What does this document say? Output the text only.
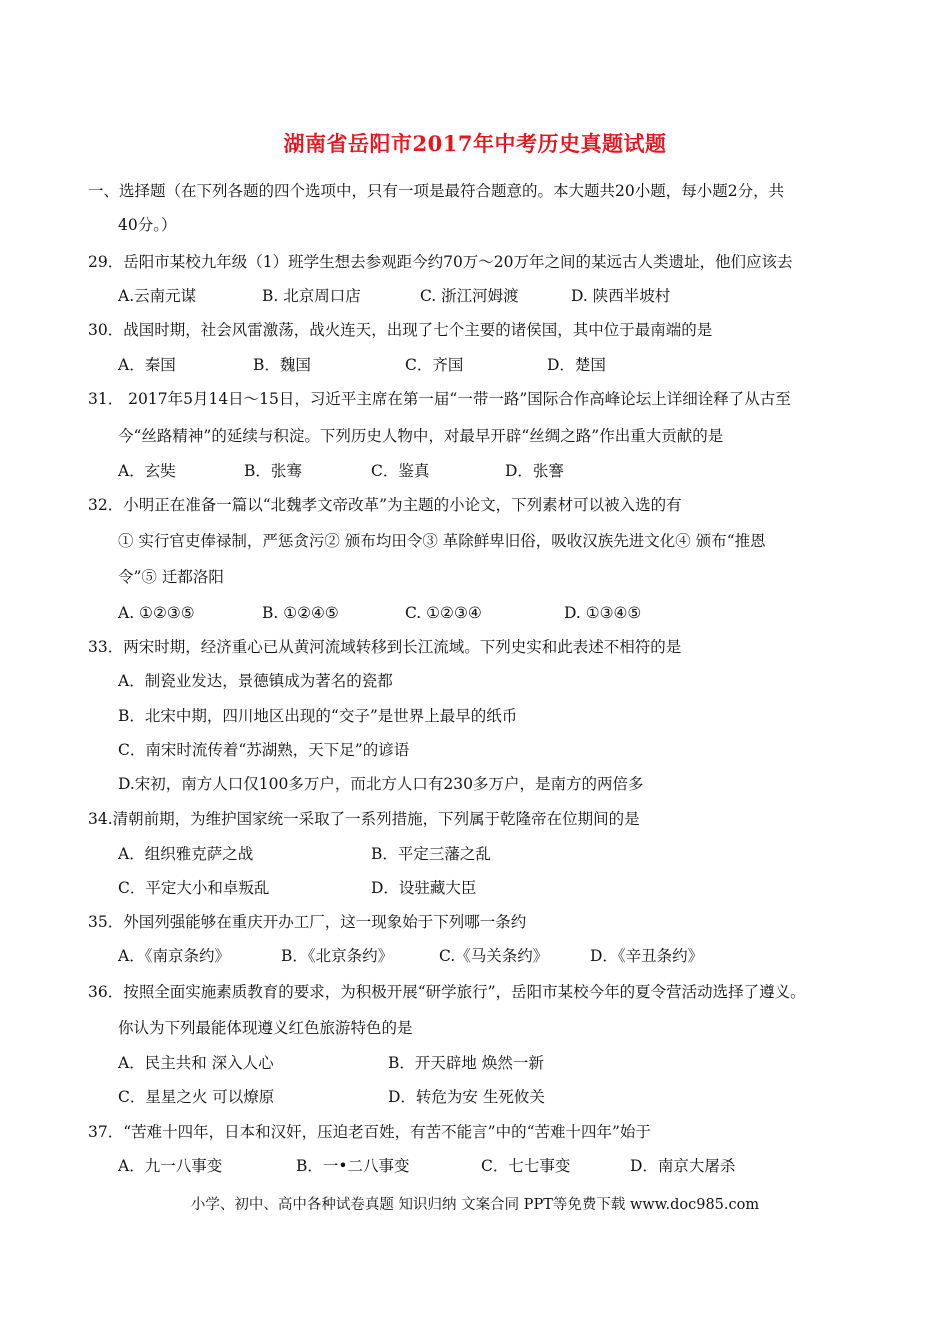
湖南省岳阳市2017年中考历史真题试题
一、选择题（在下列各题的四个选项中，只有一项是最符合题意的。本大题共20小题，每小题2分，共
40分。）
29．岳阳市某校九年级（1）班学生想去参观距今约70万～20万年之间的某远古人类遗址，他们应该去
A.云南元谋	B. 北京周口店	C. 浙江河姆渡	D. 陕西半坡村
30．战国时期，社会风雷激荡，战火连天，出现了七个主要的诸侯国，其中位于最南端的是
A．秦国	B．魏国	C．齐国	D．楚国
31． 2017年5月14日～15日，习近平主席在第一届“一带一路”国际合作高峰论坛上详细诠释了从古至
今“丝路精神”的延续与积淀。下列历史人物中，对最早开辟“丝绸之路”作出重大贡献的是
A．玄奘	B．张骞	C．鉴真	D．张謇
32．小明正在准备一篇以“北魏孝文帝改革”为主题的小论文，下列素材可以被入选的有
① 实行官吏俸禄制，严惩贪污② 颁布均田令③ 革除鲜卑旧俗，吸收汉族先进文化④ 颁布“推恩
令”⑤ 迁都洛阳
A. ①②③⑤	B. ①②④⑤	C. ①②③④	D. ①③④⑤
33．两宋时期，经济重心已从黄河流域转移到长江流域。下列史实和此表述不相符的是
A．制瓷业发达，景德镇成为著名的瓷都
B．北宋中期，四川地区出现的“交子”是世界上最早的纸币
C．南宋时流传着“苏湖熟，天下足”的谚语
D.宋初，南方人口仅100多万户，而北方人口有230多万户，是南方的两倍多
34.清朝前期，为维护国家统一采取了一系列措施，下列属于乾隆帝在位期间的是
A．组织雅克萨之战	B．平定三藩之乱
C．平定大小和卓叛乱	D．设驻藏大臣
35．外国列强能够在重庆开办工厂，这一现象始于下列哪一条约
A．《南京条约》	B．《北京条约》	C.《马关条约》	D．《辛丑条约》
36．按照全面实施素质教育的要求，为积极开展“研学旅行”，岳阳市某校今年的夏令营活动选择了遵义。
你认为下列最能体现遵义红色旅游特色的是
A．民主共和 深入人心	B．开天辟地 焕然一新
C．星星之火 可以燎原	D．转危为安 生死攸关
37．“苦难十四年，日本和汉奸，压迫老百姓，有苦不能言”中的“苦难十四年”始于
A．九一八事变	B．一•二八事变	C．七七事变	D．南京大屠杀
小学、初中、高中各种试卷真题 知识归纳 文案合同 PPT等免费下载 www.doc985.com
